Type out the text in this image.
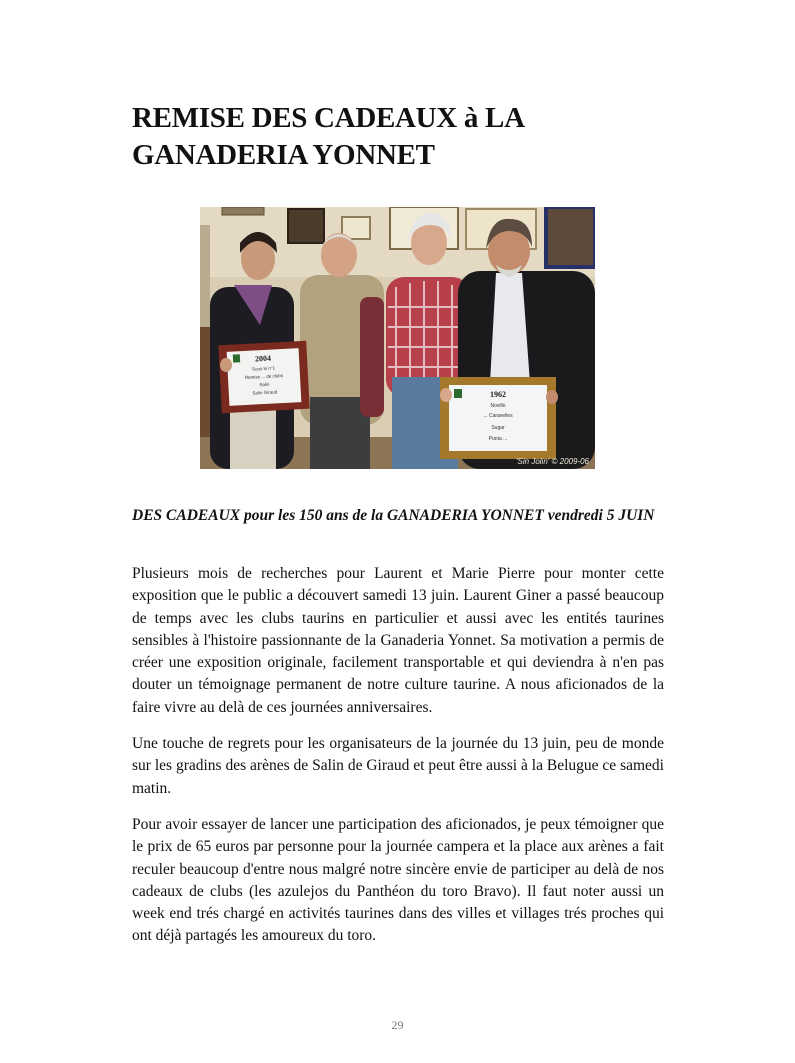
REMISE DES CADEAUX à LA GANADERIA YONNET
2004
Sous le n°1
Remise ... de clubs
Salin
Salin Giraud	1962
Novillo
... Caravelles
Sugar
Punta ...
'Sin Jolin' © 2009-06
DES CADEAUX pour les 150 ans de la GANADERIA YONNET vendredi 5 JUIN

Plusieurs mois de recherches pour Laurent et Marie Pierre pour monter cette exposition que le public a découvert samedi 13 juin. Laurent Giner a passé beaucoup de temps avec les clubs taurins en particulier et aussi avec les entités taurines sensibles à l'histoire passionnante de la Ganaderia Yonnet. Sa motivation a permis de créer une exposition originale, facilement transportable et qui deviendra à n'en pas douter un témoignage permanent de notre culture taurine. A nous aficionados de la faire vivre au delà de ces journées anniversaires.

Une touche de regrets pour les organisateurs de la journée du 13 juin, peu de monde sur les gradins des arènes de Salin de Giraud et peut être aussi à la Belugue ce samedi matin.

Pour avoir essayer de lancer une participation des aficionados, je peux témoigner que le prix de 65 euros par personne pour la journée campera et la place aux arènes a fait reculer beaucoup d'entre nous malgré notre sincère envie de participer au delà de nos cadeaux de clubs (les azulejos du Panthéon du toro Bravo). Il faut noter aussi un week end trés chargé en activités taurines dans des villes et villages trés proches qui ont déjà partagés les amoureux du toro.

29
